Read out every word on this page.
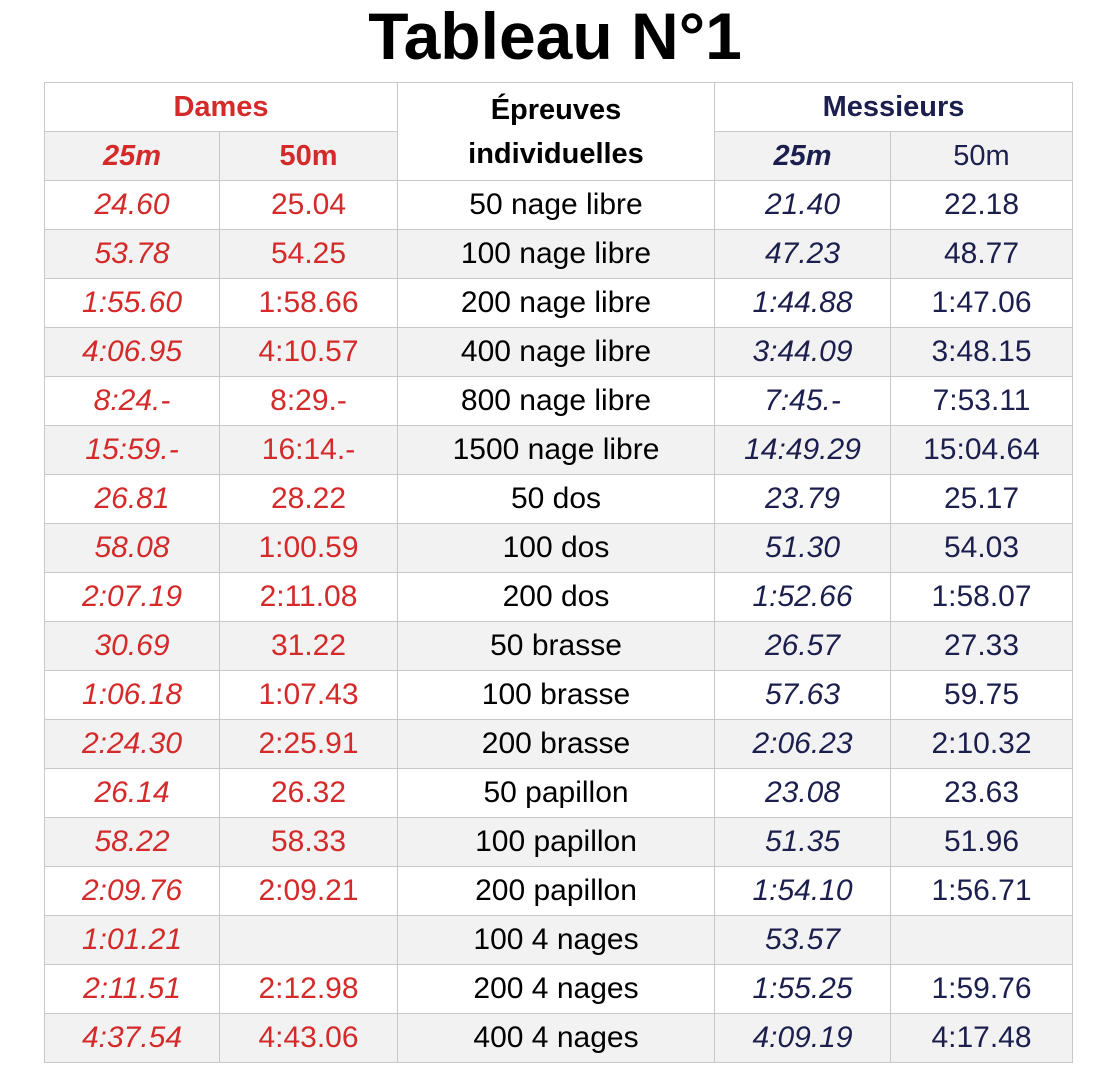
Tableau N°1
Dames		Épreuves
individuelles	Messieurs	
25m	50m		25m	50m
24.60	25.04	50 nage libre	21.40	22.18
53.78	54.25	100 nage libre	47.23	48.77
1:55.60	1:58.66	200 nage libre	1:44.88	1:47.06
4:06.95	4:10.57	400 nage libre	3:44.09	3:48.15
8:24.-	8:29.-	800 nage libre	7:45.-	7:53.11
15:59.-	16:14.-	1500 nage libre	14:49.29	15:04.64
26.81	28.22	50 dos	23.79	25.17
58.08	1:00.59	100 dos	51.30	54.03
2:07.19	2:11.08	200 dos	1:52.66	1:58.07
30.69	31.22	50 brasse	26.57	27.33
1:06.18	1:07.43	100 brasse	57.63	59.75
2:24.30	2:25.91	200 brasse	2:06.23	2:10.32
26.14	26.32	50 papillon	23.08	23.63
58.22	58.33	100 papillon	51.35	51.96
2:09.76	2:09.21	200 papillon	1:54.10	1:56.71
1:01.21		100 4 nages	53.57	
2:11.51	2:12.98	200 4 nages	1:55.25	1:59.76
4:37.54	4:43.06	400 4 nages	4:09.19	4:17.48
